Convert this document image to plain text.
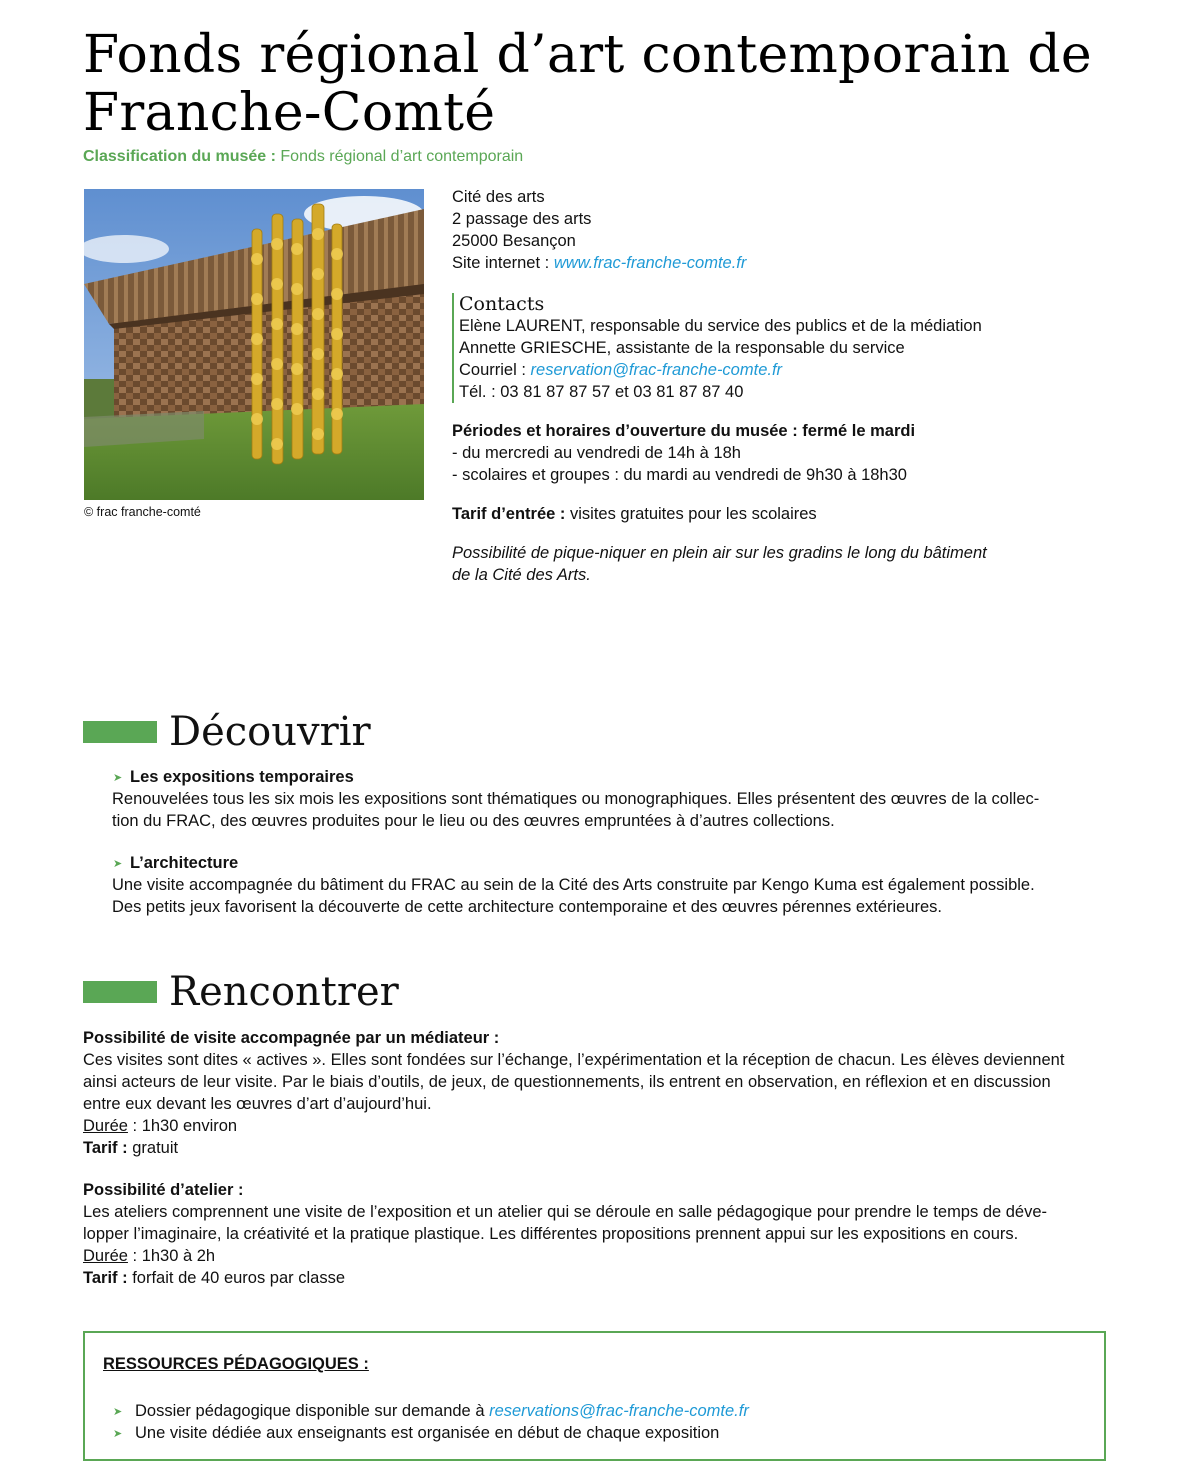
Fonds régional d’art contemporain de
Franche-Comté
Classification du musée : Fonds régional d’art contemporain
© frac franche-comté

Cité des arts

2 passage des arts

25000 Besançon

Site internet : www.frac-franche-comte.fr

Contacts

Elène LAURENT, responsable du service des publics et de la médiation

Annette GRIESCHE, assistante de la responsable du service

Courriel : reservation@frac-franche-comte.fr

Tél. : 03 81 87 87 57 et 03 81 87 87 40

Périodes et horaires d’ouverture du musée : fermé le mardi

- du mercredi au vendredi de 14h à 18h

- scolaires et groupes : du mardi au vendredi de 9h30 à 18h30

Tarif d’entrée : visites gratuites pour les scolaires

Possibilité de pique-niquer en plein air sur les gradins le long du bâtiment

de la Cité des Arts.

Découvrir

➤ Les expositions temporaires

Renouvelées tous les six mois les expositions sont thématiques ou monographiques. Elles présentent des œuvres de la collec-

tion du FRAC, des œuvres produites pour le lieu ou des œuvres empruntées à d’autres collections.

➤ L’architecture

Une visite accompagnée du bâtiment du FRAC au sein de la Cité des Arts construite par Kengo Kuma est également possible.

Des petits jeux favorisent la découverte de cette architecture contemporaine et des œuvres pérennes extérieures.

Rencontrer

Possibilité de visite accompagnée par un médiateur :

Ces visites sont dites « actives ». Elles sont fondées sur l’échange, l’expérimentation et la réception de chacun. Les élèves deviennent

ainsi acteurs de leur visite. Par le biais d’outils, de jeux, de questionnements, ils entrent en observation, en réflexion et en discussion

entre eux devant les œuvres d’art d’aujourd’hui.

Durée : 1h30 environ

Tarif : gratuit

Possibilité d’atelier :

Les ateliers comprennent une visite de l’exposition et un atelier qui se déroule en salle pédagogique pour prendre le temps de déve-

lopper l’imaginaire, la créativité et la pratique plastique. Les différentes propositions prennent appui sur les expositions en cours.

Durée : 1h30 à 2h

Tarif : forfait de 40 euros par classe

RESSOURCES PÉDAGOGIQUES :
➤ Dossier pédagogique disponible sur demande à reservations@frac-franche-comte.fr
➤ Une visite dédiée aux enseignants est organisée en début de chaque exposition
